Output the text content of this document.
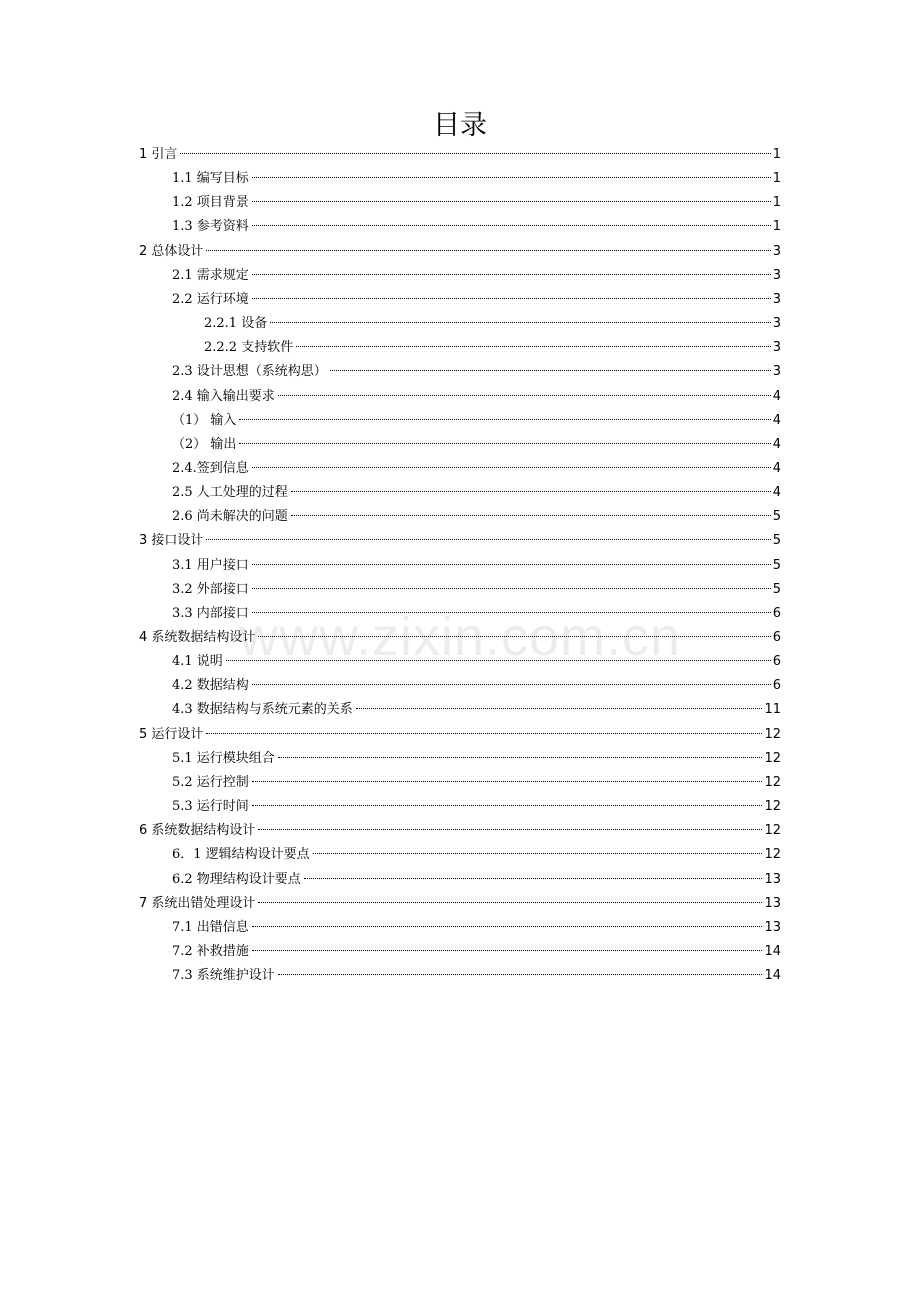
目录
1 引言	1
1.1 编写目标	1
1.2 项目背景	1
1.3 参考资料	1
2 总体设计	3
2.1 需求规定	3
2.2 运行环境	3
2.2.1 设备	3
2.2.2 支持软件	3
2.3 设计思想（系统构思）	3
2.4 输入输出要求	4
（1） 输入	4
（2） 输出	4
2.4.签到信息	4
2.5 人工处理的过程	4
2.6 尚未解决的问题	5
3 接口设计	5
3.1 用户接口	5
3.2 外部接口	5
3.3 内部接口	6
4 系统数据结构设计	6
4.1 说明	6
4.2 数据结构	6
4.3 数据结构与系统元素的关系	11
5 运行设计	12
5.1 运行模块组合	12
5.2 运行控制	12
5.3 运行时间	12
6 系统数据结构设计	12
6．1 逻辑结构设计要点	12
6.2 物理结构设计要点	13
7 系统出错处理设计	13
7.1 出错信息	13
7.2 补救措施	14
7.3 系统维护设计	14
www.zixin.com.cn
